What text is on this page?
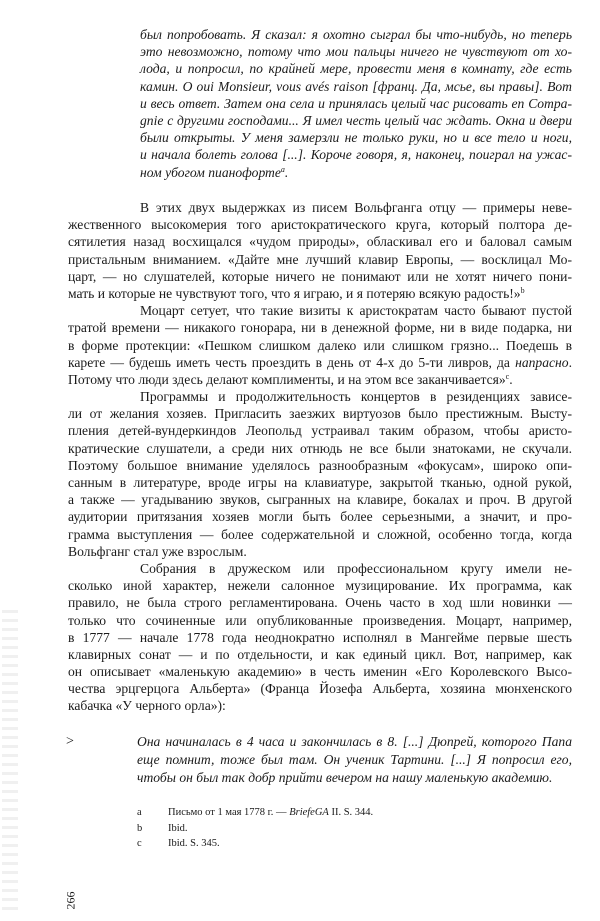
был попробовать. Я сказал: я охотно сыграл бы что-нибудь, но теперь
это невозможно, потому что мои пальцы ничего не чувствуют от хо-
лода, и попросил, по крайней мере, провести меня в комнату, где есть
камин. О oui Monsieur, vous avés raison [франц. Да, мсье, вы правы]. Вот
и весь ответ. Затем она села и принялась целый час рисовать en Compa-
gnie с другими господами... Я имел честь целый час ждать. Окна и двери
были открыты. У меня замерзли не только руки, но и все тело и ноги,
и начала болеть голова [...]. Короче говоря, я, наконец, поиграл на ужас-
ном убогом пианофорте$^a$.
В этих двух выдержках из писем Вольфганга отцу — примеры неве-
жественного высокомерия того аристократического круга, который полтора де-
сятилетия назад восхищался «чудом природы», обласкивал его и баловал самым
пристальным вниманием. «Дайте мне лучший клавир Европы, — восклицал Мо-
царт, — но слушателей, которые ничего не понимают или не хотят ничего пони-
мать и которые не чувствуют того, что я играю, и я потеряю всякую радость!»$^b$
Моцарт сетует, что такие визиты к аристократам часто бывают пустой
тратой времени — никакого гонорара, ни в денежной форме, ни в виде подарка, ни
в форме протекции: «Пешком слишком далеко или слишком грязно... Поедешь в
карете — будешь иметь честь проездить в день от 4-х до 5-ти ливров, да напрасно.
Потому что люди здесь делают комплименты, и на этом все заканчивается»$^c$.
Программы и продолжительность концертов в резиденциях зависе-
ли от желания хозяев. Пригласить заезжих виртуозов было престижным. Высту-
пления детей-вундеркиндов Леопольд устраивал таким образом, чтобы аристо-
кратические слушатели, а среди них отнюдь не все были знатоками, не скучали.
Поэтому большое внимание уделялось разнообразным «фокусам», широко опи-
санным в литературе, вроде игры на клавиатуре, закрытой тканью, одной рукой,
а также — угадыванию звуков, сыгранных на клавире, бокалах и проч. В другой
аудитории притязания хозяев могли быть более серьезными, а значит, и про-
грамма выступления — более содержательной и сложной, особенно тогда, когда
Вольфганг стал уже взрослым.
Собрания в дружеском или профессиональном кругу имели не-
сколько иной характер, нежели салонное музицирование. Их программа, как
правило, не была строго регламентирована. Очень часто в ход шли новинки —
только что сочиненные или опубликованные произведения. Моцарт, например,
в 1777 — начале 1778 года неоднократно исполнял в Мангейме первые шесть
клавирных сонат — и по отдельности, и как единый цикл. Вот, например, как
он описывает «маленькую академию» в честь именин «Его Королевского Высо-
чества эрцгерцога Альберта» (Франца Йозефа Альберта, хозяина мюнхенского
кабачка «У черного орла»):
>	Она начиналась в 4 часа и закончилась в 8. [...] Дюпрей, которого Папа
еще помнит, тоже был там. Он ученик Тартини. [...] Я попросил его,
чтобы он был так добр прийти вечером на нашу маленькую академию.
a	Письмо от 1 мая 1778 г. — BriefeGA II. S. 344.
b Ibid.
c	Ibid. S. 345.
266
